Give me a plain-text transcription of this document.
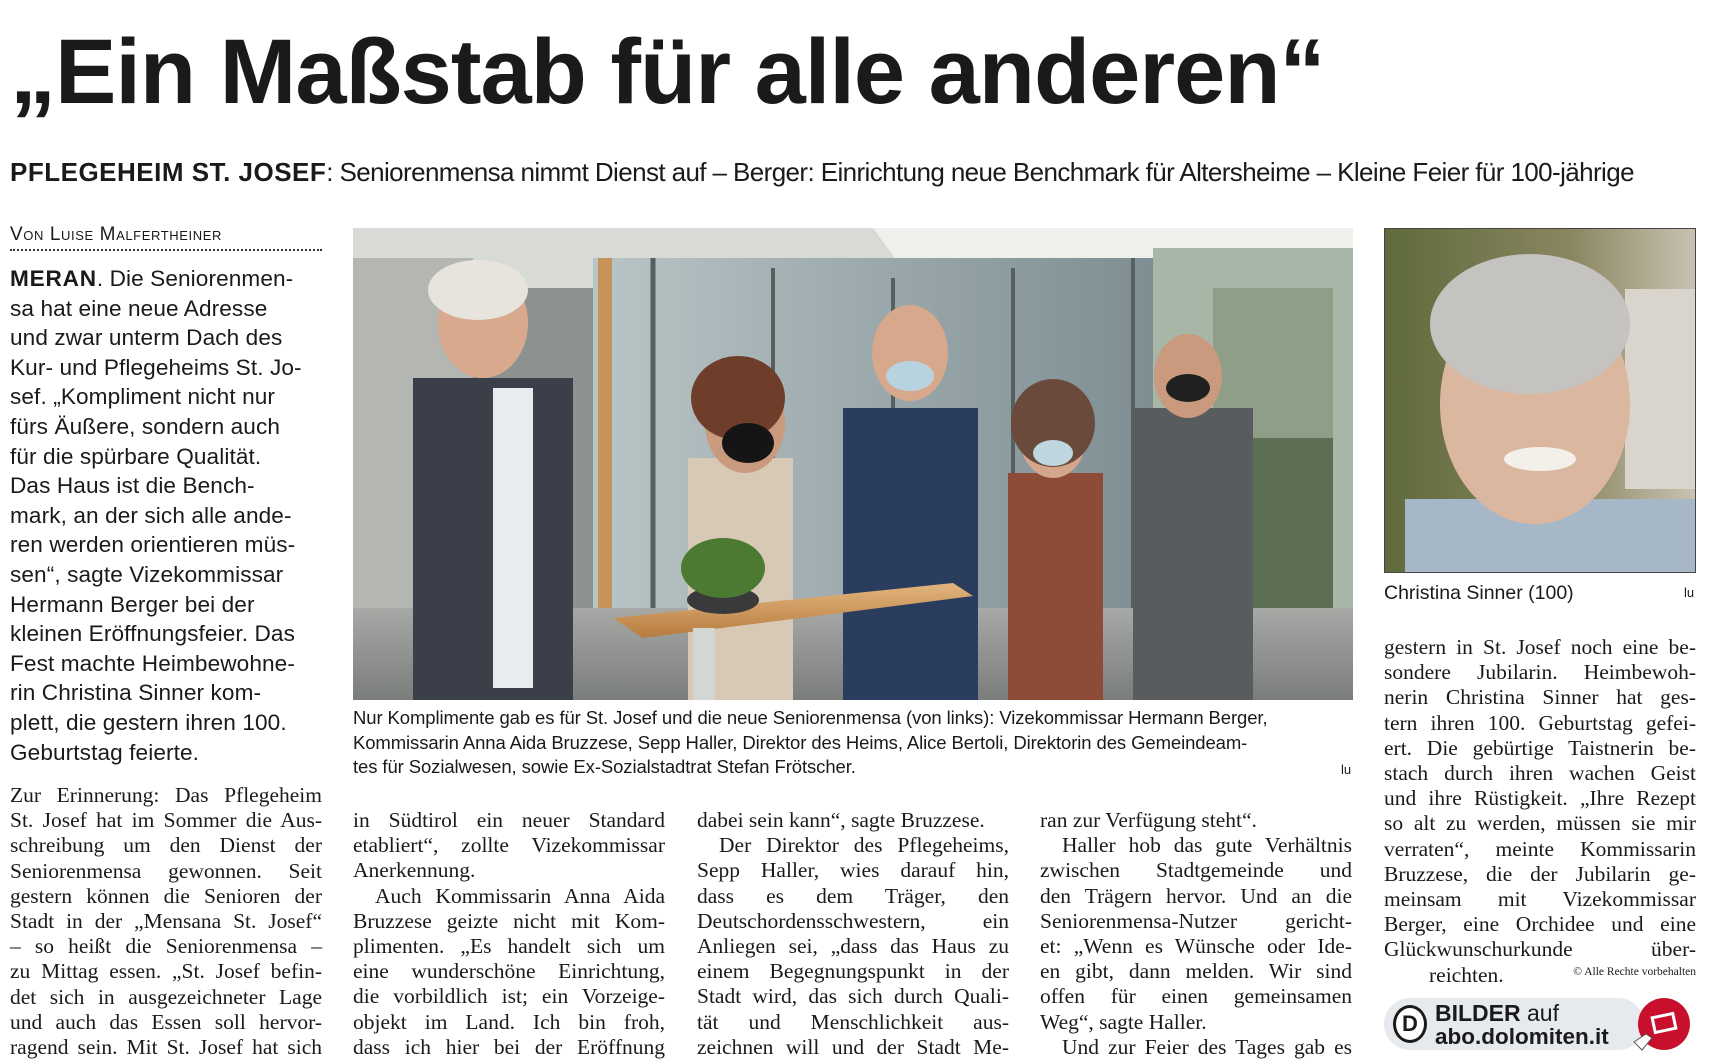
„Ein Maßstab für alle anderen“
PFLEGEHEIM ST. JOSEF: Seniorenmensa nimmt Dienst auf – Berger: Einrichtung neue Benchmark für Altersheime – Kleine Feier für 100-jährige
Von Luise Malfertheiner
MERAN. Die Seniorenmen-
sa hat eine neue Adresse
und zwar unterm Dach des
Kur- und Pflegeheims St. Jo-
sef. „Kompliment nicht nur
fürs Äußere, sondern auch
für die spürbare Qualität.
Das Haus ist die Bench-
mark, an der sich alle ande-
ren werden orientieren müs-
sen“, sagte Vizekommissar
Hermann Berger bei der
kleinen Eröffnungsfeier. Das
Fest machte Heimbewohne-
rin Christina Sinner kom-
plett, die gestern ihren 100.
Geburtstag feierte.
Nur Komplimente gab es für St. Josef und die neue Seniorenmensa (von links): Vizekommissar Hermann Berger,
Kommissarin Anna Aida Bruzzese, Sepp Haller, Direktor des Heims, Alice Bertoli, Direktorin des Gemeindeam-
tes für Sozialwesen, sowie Ex-Sozialstadtrat Stefan Frötscher.	lu
Christina Sinner (100)	lu
Zur Erinnerung: Das Pflegeheim
St. Josef hat im Sommer die Aus-
schreibung um den Dienst der
Seniorenmensa gewonnen. Seit
gestern können die Senioren der
Stadt in der „Mensana St. Josef“
– so heißt die Seniorenmensa –
zu Mittag essen. „St. Josef befin-
det sich in ausgezeichneter Lage
und auch das Essen soll hervor-
ragend sein. Mit St. Josef hat sich
in Südtirol ein neuer Standard
etabliert“, zollte Vizekommissar
Anerkennung.
Auch Kommissarin Anna Aida
Bruzzese geizte nicht mit Kom-
plimenten. „Es handelt sich um
eine wunderschöne Einrichtung,
die vorbildlich ist; ein Vorzeige-
objekt im Land. Ich bin froh,
dass ich hier bei der Eröffnung
dabei sein kann“, sagte Bruzzese.
Der Direktor des Pflegeheims,
Sepp Haller, wies darauf hin,
dass es dem Träger, den
Deutschordensschwestern, ein
Anliegen sei, „dass das Haus zu
einem Begegnungspunkt in der
Stadt wird, das sich durch Quali-
tät und Menschlichkeit aus-
zeichnen will und der Stadt Me-
ran zur Verfügung steht“.
Haller hob das gute Verhältnis
zwischen Stadtgemeinde und
den Trägern hervor. Und an die
Seniorenmensa-Nutzer gericht-
et: „Wenn es Wünsche oder Ide-
en gibt, dann melden. Wir sind
offen für einen gemeinsamen
Weg“, sagte Haller.
Und zur Feier des Tages gab es
gestern in St. Josef noch eine be-
sondere Jubilarin. Heimbewoh-
nerin Christina Sinner hat ges-
tern ihren 100. Geburtstag gefei-
ert. Die gebürtige Taistnerin be-
stach durch ihren wachen Geist
und ihre Rüstigkeit. „Ihre Rezept
so alt zu werden, müssen sie mir
verraten“, meinte Kommissarin
Bruzzese, die der Jubilarin ge-
meinsam mit Vizekommissar
Berger, eine Orchidee und eine
Glückwunschurkunde über-
reichten.	© Alle Rechte vorbehalten
D BILDER auf
abo.dolomiten.it
